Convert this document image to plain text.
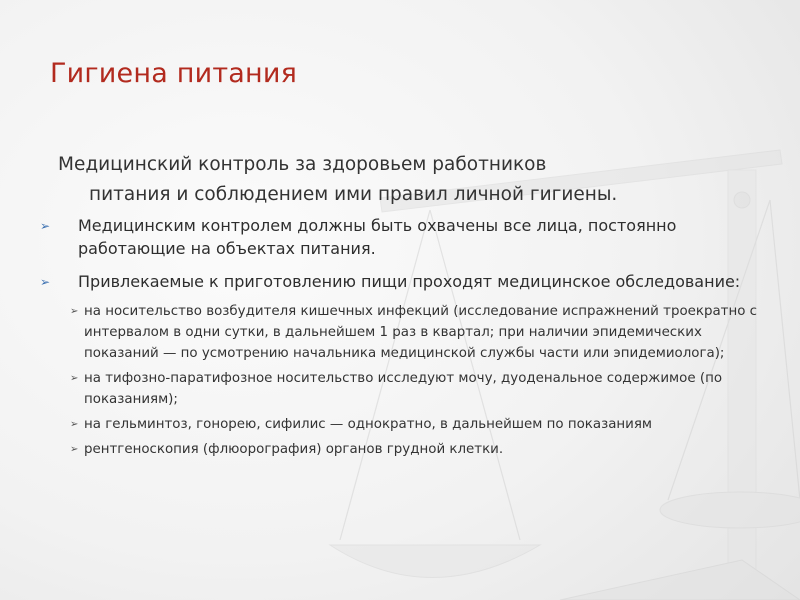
Гигиена питания
Медицинский контроль за здоровьем работников
питания и соблюдением ими правил личной гигиены.
➢ Медицинским контролем должны быть охвачены все лица, постоянно работающие на объектах питания.
➢ Привлекаемые к приготовлению пищи проходят медицинское обследование:
➢ на носительство возбудителя кишечных инфекций (исследование испражнений троекратно с интервалом в одни сутки, в дальнейшем 1 раз в квартал; при наличии эпидемических показаний — по усмотрению начальника медицинской службы части или эпидемиолога);
➢ на тифозно-паратифозное носительство исследуют мочу, дуоденальное содержимое (по показаниям);
➢ на гельминтоз, гонорею, сифилис — однократно, в дальнейшем по показаниям
➢ рентгеноскопия (флюорография) органов грудной клетки.
